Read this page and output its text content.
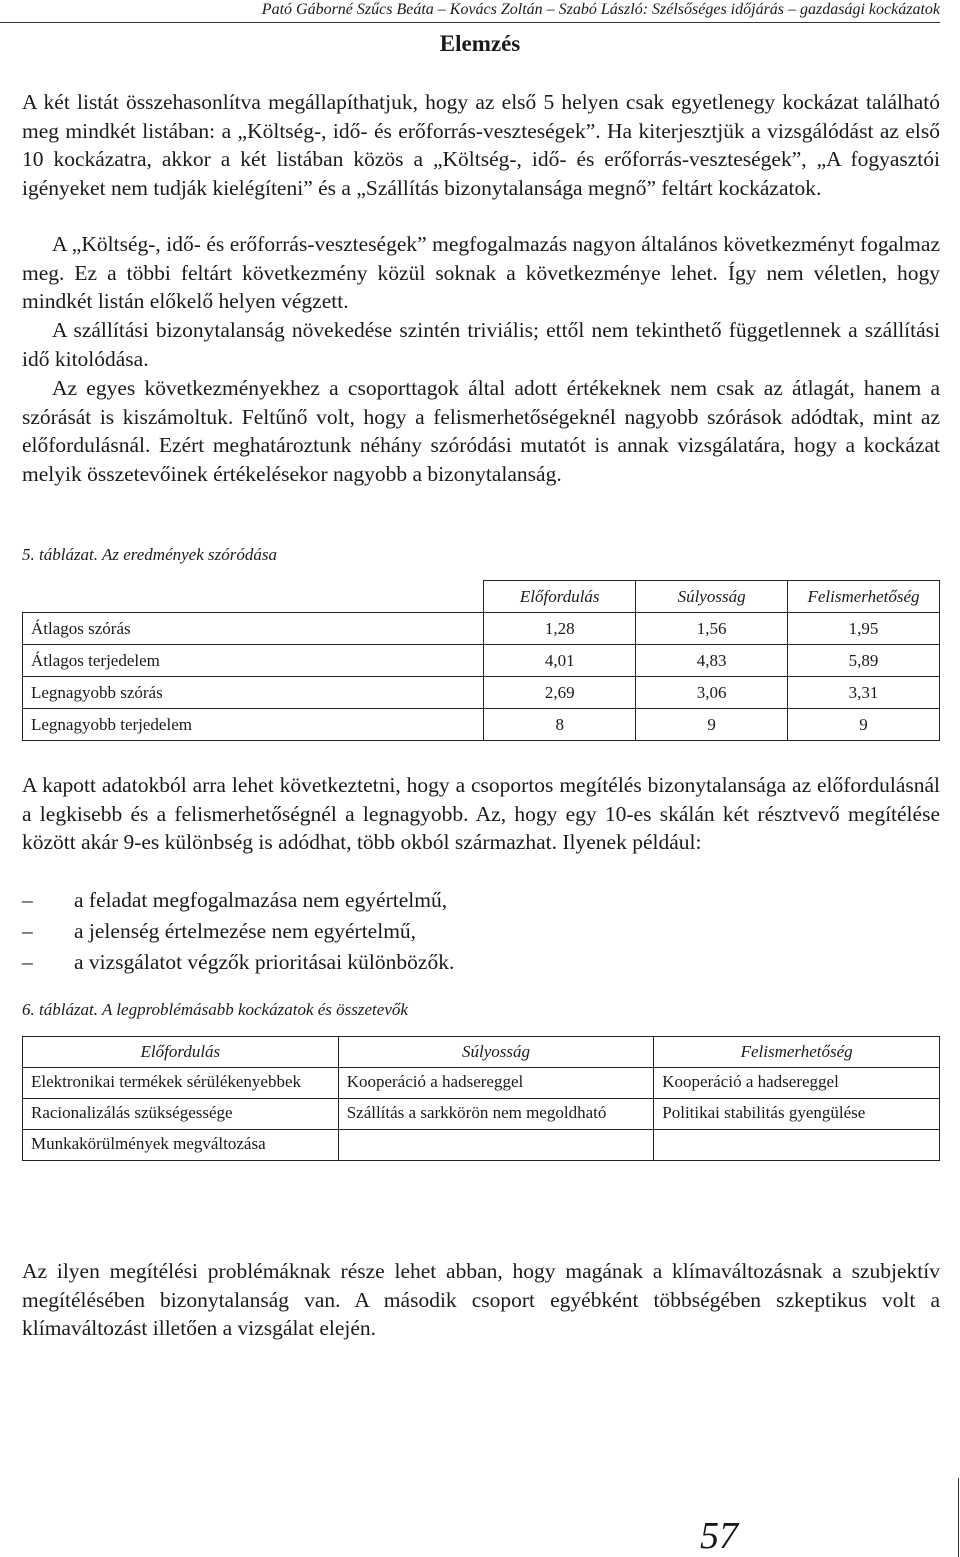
Pató Gáborné Szűcs Beáta – Kovács Zoltán – Szabó László: Szélsőséges időjárás – gazdasági kockázatok
Elemzés

A két listát összehasonlítva megállapíthatjuk, hogy az első 5 helyen csak egyetlenegy kockázat található meg mindkét listában: a „Költség-, idő- és erőforrás-veszteségek”. Ha kiterjesztjük a vizsgálódást az első 10 kockázatra, akkor a két listában közös a „Költség-, idő- és erőforrás-veszteségek”, „A fogyasztói igényeket nem tudják kielégíteni” és a „Szállítás bizonytalansága megnő” feltárt kockázatok.

A „Költség-, idő- és erőforrás-veszteségek” megfogalmazás nagyon általános következményt fogalmaz meg. Ez a többi feltárt következmény közül soknak a következménye lehet. Így nem véletlen, hogy mindkét listán előkelő helyen végzett.

A szállítási bizonytalanság növekedése szintén triviális; ettől nem tekinthető függetlennek a szállítási idő kitolódása.

Az egyes következményekhez a csoporttagok által adott értékeknek nem csak az átlagát, hanem a szórását is kiszámoltuk. Feltűnő volt, hogy a felismerhetőségeknél nagyobb szórások adódtak, mint az előfordulásnál. Ezért meghatároztunk néhány szóródási mutatót is annak vizsgálatára, hogy a kockázat melyik összetevőinek értékelésekor nagyobb a bizonytalanság.

5. táblázat. Az eredmények szóródása
	Előfordulás	Súlyosság	Felismerhetőség
Átlagos szórás	1,28	1,56	1,95
Átlagos terjedelem	4,01	4,83	5,89
Legnagyobb szórás	2,69	3,06	3,31
Legnagyobb terjedelem	8	9	9

A kapott adatokból arra lehet következtetni, hogy a csoportos megítélés bizonytalansága az előfordulásnál a legkisebb és a felismerhetőségnél a legnagyobb. Az, hogy egy 10-es skálán két résztvevő megítélése között akár 9-es különbség is adódhat, több okból származhat. Ilyenek például:

– a feladat megfogalmazása nem egyértelmű,
– a jelenség értelmezése nem egyértelmű,
– a vizsgálatot végzők prioritásai különbözők.
6. táblázat. A legproblémásabb kockázatok és összetevők
Előfordulás	Súlyosság	Felismerhetőség
Elektronikai termékek sérülékenyebbek	Kooperáció a hadsereggel	Kooperáció a hadsereggel
Racionalizálás szükségessége	Szállítás a sarkkörön nem megoldható	Politikai stabilitás gyengülése
Munkakörülmények megváltozása		

Az ilyen megítélési problémáknak része lehet abban, hogy magának a klímaváltozásnak a szubjektív megítélésében bizonytalanság van. A második csoport egyébként többségében szkeptikus volt a klímaváltozást illetően a vizsgálat elején.

57
